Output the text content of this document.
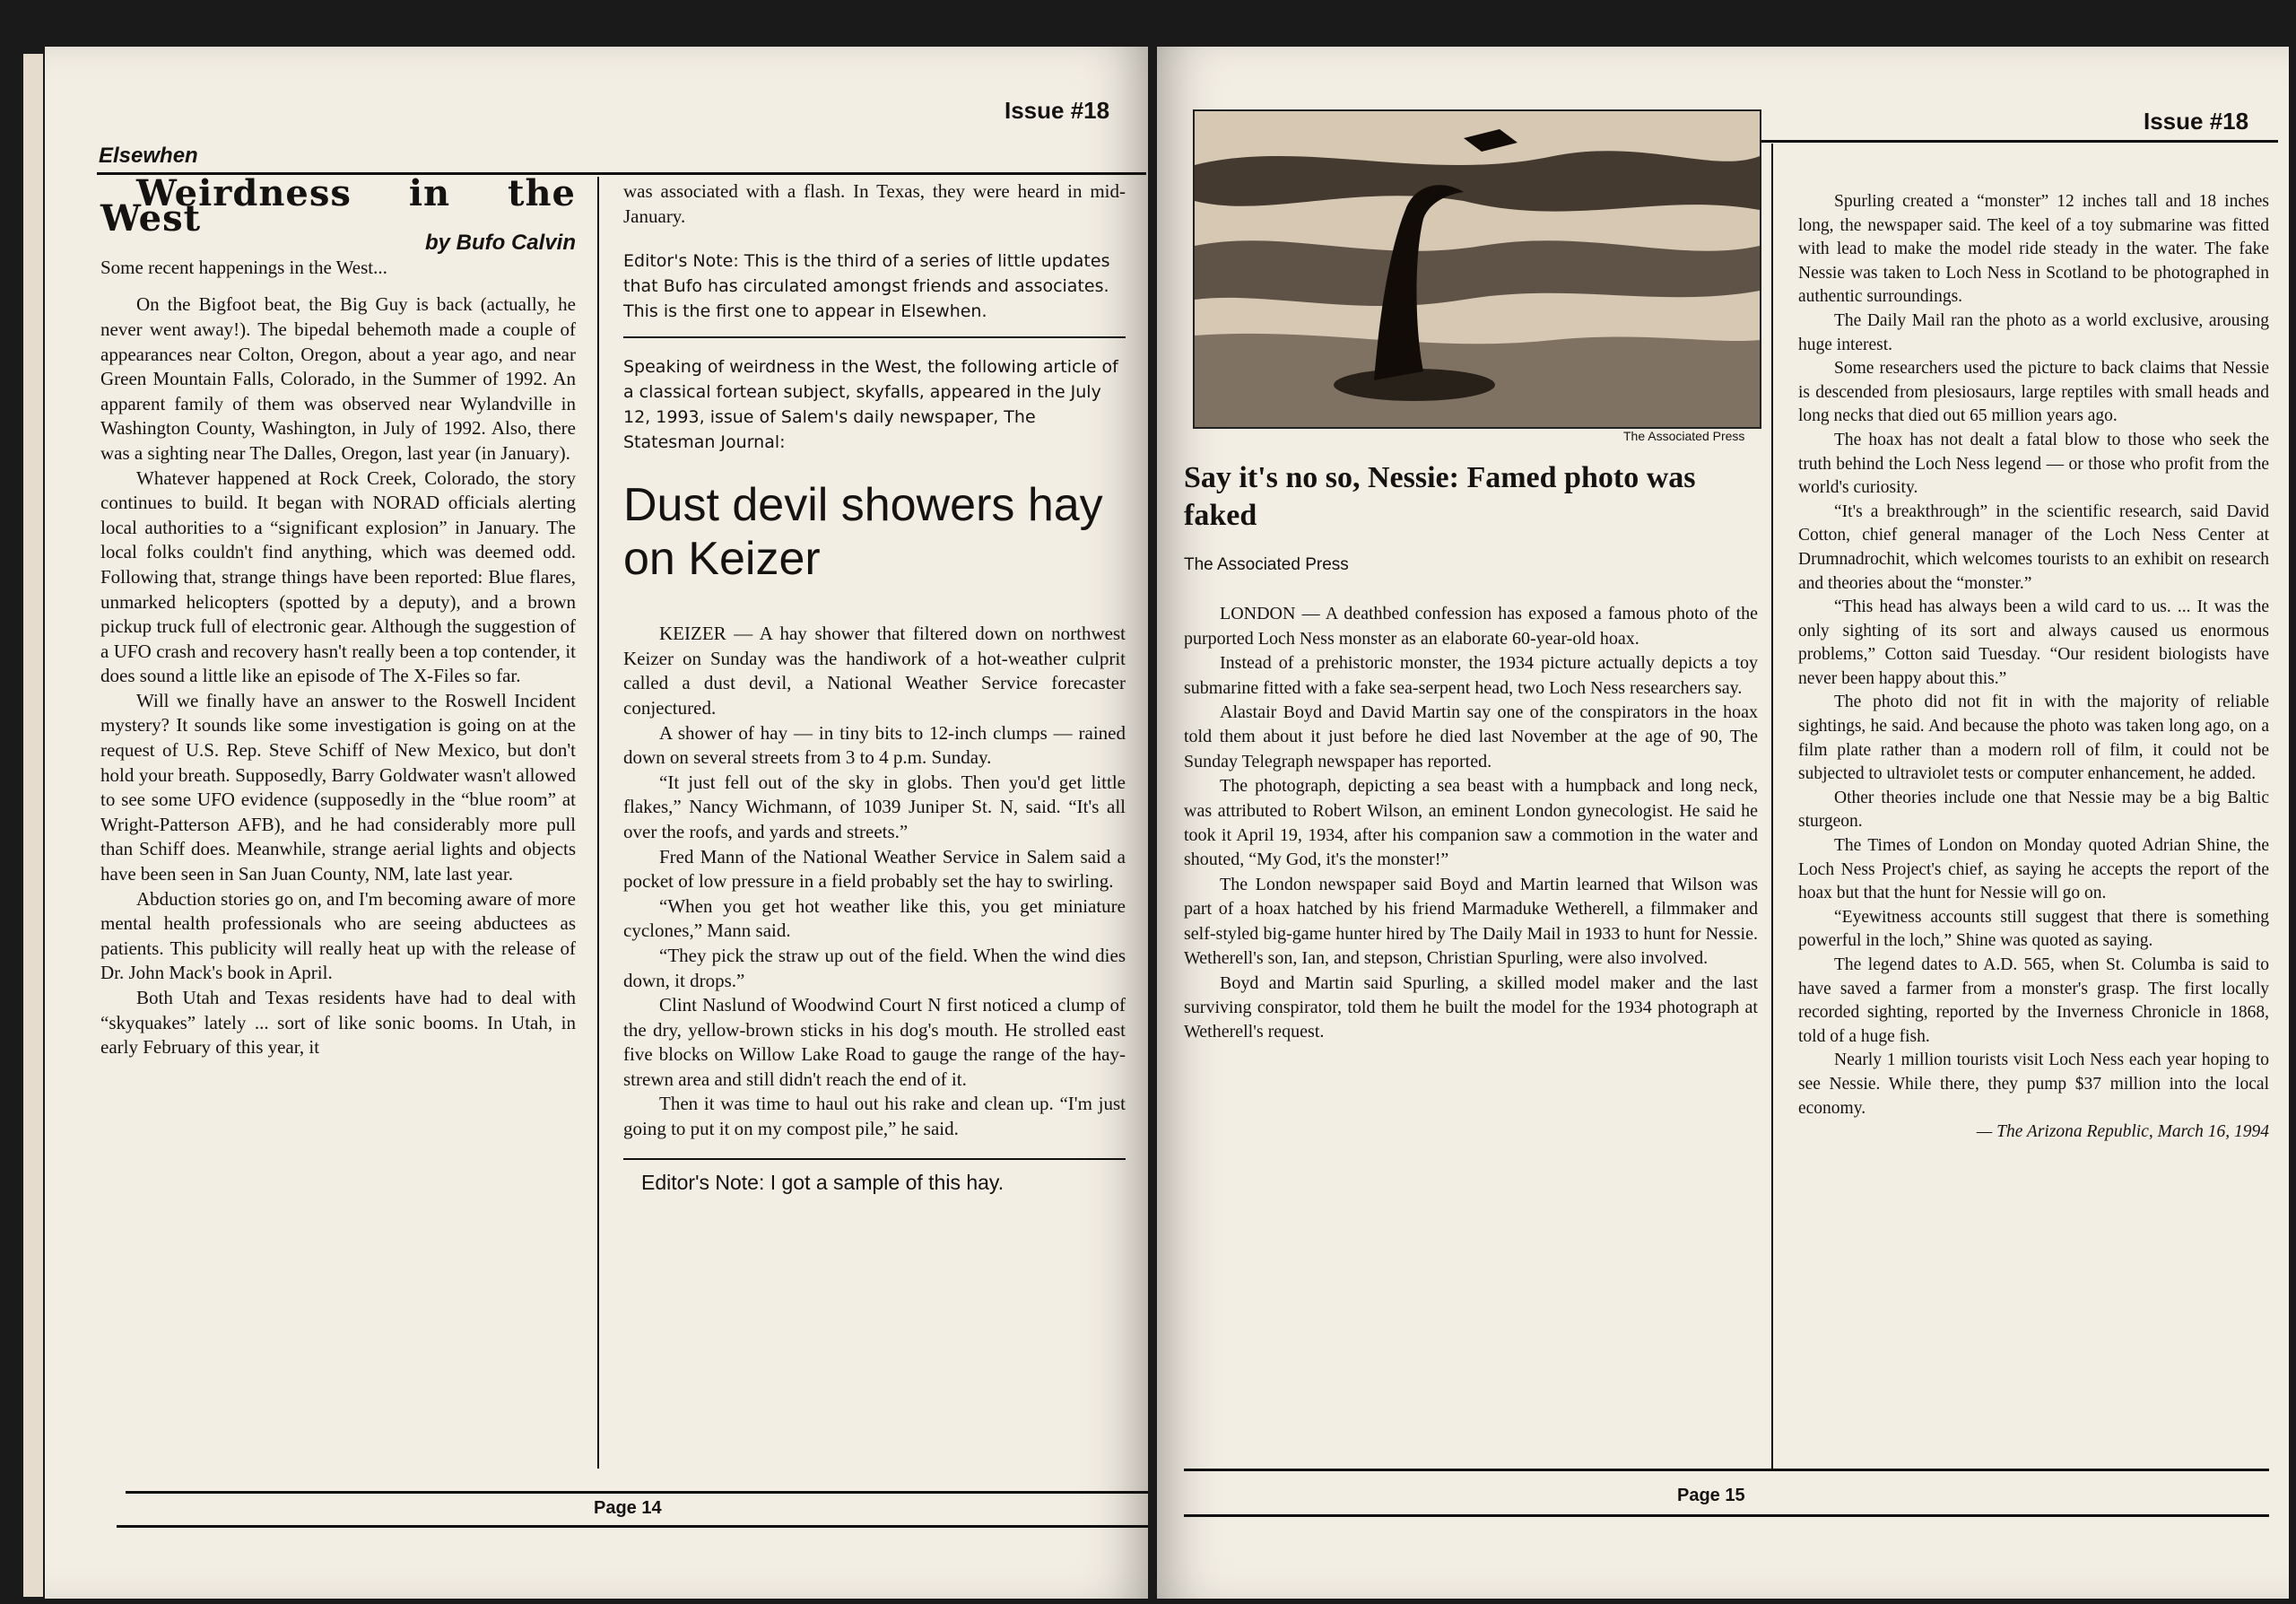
Issue #18
Elsewhen

Weirdness in the West

by Bufo Calvin

Some recent happenings in the West...

On the Bigfoot beat, the Big Guy is back (actually, he never went away!). The bipedal behemoth made a couple of appearances near Colton, Oregon, about a year ago, and near Green Mountain Falls, Colorado, in the Summer of 1992. An apparent family of them was observed near Wylandville in Washington County, Washington, in July of 1992. Also, there was a sighting near The Dalles, Oregon, last year (in January).

Whatever happened at Rock Creek, Colorado, the story continues to build. It began with NORAD officials alerting local authorities to a “significant explosion” in January. The local folks couldn't find anything, which was deemed odd. Following that, strange things have been reported: Blue flares, unmarked helicopters (spotted by a deputy), and a brown pickup truck full of electronic gear. Although the suggestion of a UFO crash and recovery hasn't really been a top contender, it does sound a little like an episode of The X-Files so far.

Will we finally have an answer to the Roswell Incident mystery? It sounds like some investigation is going on at the request of U.S. Rep. Steve Schiff of New Mexico, but don't hold your breath. Supposedly, Barry Goldwater wasn't allowed to see some UFO evidence (supposedly in the “blue room” at Wright-Patterson AFB), and he had considerably more pull than Schiff does. Meanwhile, strange aerial lights and objects have been seen in San Juan County, NM, late last year.

Abduction stories go on, and I'm becoming aware of more mental health professionals who are seeing abductees as patients. This publicity will really heat up with the release of Dr. John Mack's book in April.

Both Utah and Texas residents have had to deal with “skyquakes” lately ... sort of like sonic booms. In Utah, in early February of this year, it

was associated with a flash. In Texas, they were heard in mid-January.

Editor's Note: This is the third of a series of little updates that Bufo has circulated amongst friends and associates. This is the first one to appear in Elsewhen.

Speaking of weirdness in the West, the following article of a classical fortean subject, skyfalls, appeared in the July 12, 1993, issue of Salem's daily newspaper, The Statesman Journal:

Dust devil showers hay on Keizer

KEIZER — A hay shower that filtered down on northwest Keizer on Sunday was the handiwork of a hot-weather culprit called a dust devil, a National Weather Service forecaster conjectured.

A shower of hay — in tiny bits to 12-inch clumps — rained down on several streets from 3 to 4 p.m. Sunday.

“It just fell out of the sky in globs. Then you'd get little flakes,” Nancy Wichmann, of 1039 Juniper St. N, said. “It's all over the roofs, and yards and streets.”

Fred Mann of the National Weather Service in Salem said a pocket of low pressure in a field probably set the hay to swirling.

“When you get hot weather like this, you get miniature cyclones,” Mann said.

“They pick the straw up out of the field. When the wind dies down, it drops.”

Clint Naslund of Woodwind Court N first noticed a clump of the dry, yellow-brown sticks in his dog's mouth. He strolled east five blocks on Willow Lake Road to gauge the range of the hay-strewn area and still didn't reach the end of it.

Then it was time to haul out his rake and clean up. “I'm just going to put it on my compost pile,” he said.

Editor's Note: I got a sample of this hay.

Page 14
Issue #18
The Associated Press
Say it's no so, Nessie: Famed photo was faked
The Associated Press

LONDON — A deathbed confession has exposed a famous photo of the purported Loch Ness monster as an elaborate 60-year-old hoax.

Instead of a prehistoric monster, the 1934 picture actually depicts a toy submarine fitted with a fake sea-serpent head, two Loch Ness researchers say.

Alastair Boyd and David Martin say one of the conspirators in the hoax told them about it just before he died last November at the age of 90, The Sunday Telegraph newspaper has reported.

The photograph, depicting a sea beast with a humpback and long neck, was attributed to Robert Wilson, an eminent London gynecologist. He said he took it April 19, 1934, after his companion saw a commotion in the water and shouted, “My God, it's the monster!”

The London newspaper said Boyd and Martin learned that Wilson was part of a hoax hatched by his friend Marmaduke Wetherell, a filmmaker and self-styled big-game hunter hired by The Daily Mail in 1933 to hunt for Nessie. Wetherell's son, Ian, and stepson, Christian Spurling, were also involved.

Boyd and Martin said Spurling, a skilled model maker and the last surviving conspirator, told them he built the model for the 1934 photograph at Wetherell's request.

Spurling created a “monster” 12 inches tall and 18 inches long, the newspaper said. The keel of a toy submarine was fitted with lead to make the model ride steady in the water. The fake Nessie was taken to Loch Ness in Scotland to be photographed in authentic surroundings.

The Daily Mail ran the photo as a world exclusive, arousing huge interest.

Some researchers used the picture to back claims that Nessie is descended from plesiosaurs, large reptiles with small heads and long necks that died out 65 million years ago.

The hoax has not dealt a fatal blow to those who seek the truth behind the Loch Ness legend — or those who profit from the world's curiosity.

“It's a breakthrough” in the scientific research, said David Cotton, chief general manager of the Loch Ness Center at Drumnadrochit, which welcomes tourists to an exhibit on research and theories about the “monster.”

“This head has always been a wild card to us. ... It was the only sighting of its sort and always caused us enormous problems,” Cotton said Tuesday. “Our resident biologists have never been happy about this.”

The photo did not fit in with the majority of reliable sightings, he said. And because the photo was taken long ago, on a film plate rather than a modern roll of film, it could not be subjected to ultraviolet tests or computer enhancement, he added.

Other theories include one that Nessie may be a big Baltic sturgeon.

The Times of London on Monday quoted Adrian Shine, the Loch Ness Project's chief, as saying he accepts the report of the hoax but that the hunt for Nessie will go on.

“Eyewitness accounts still suggest that there is something powerful in the loch,” Shine was quoted as saying.

The legend dates to A.D. 565, when St. Columba is said to have saved a farmer from a monster's grasp. The first locally recorded sighting, reported by the Inverness Chronicle in 1868, told of a huge fish.

Nearly 1 million tourists visit Loch Ness each year hoping to see Nessie. While there, they pump $37 million into the local economy.

— The Arizona Republic, March 16, 1994

Page 15
